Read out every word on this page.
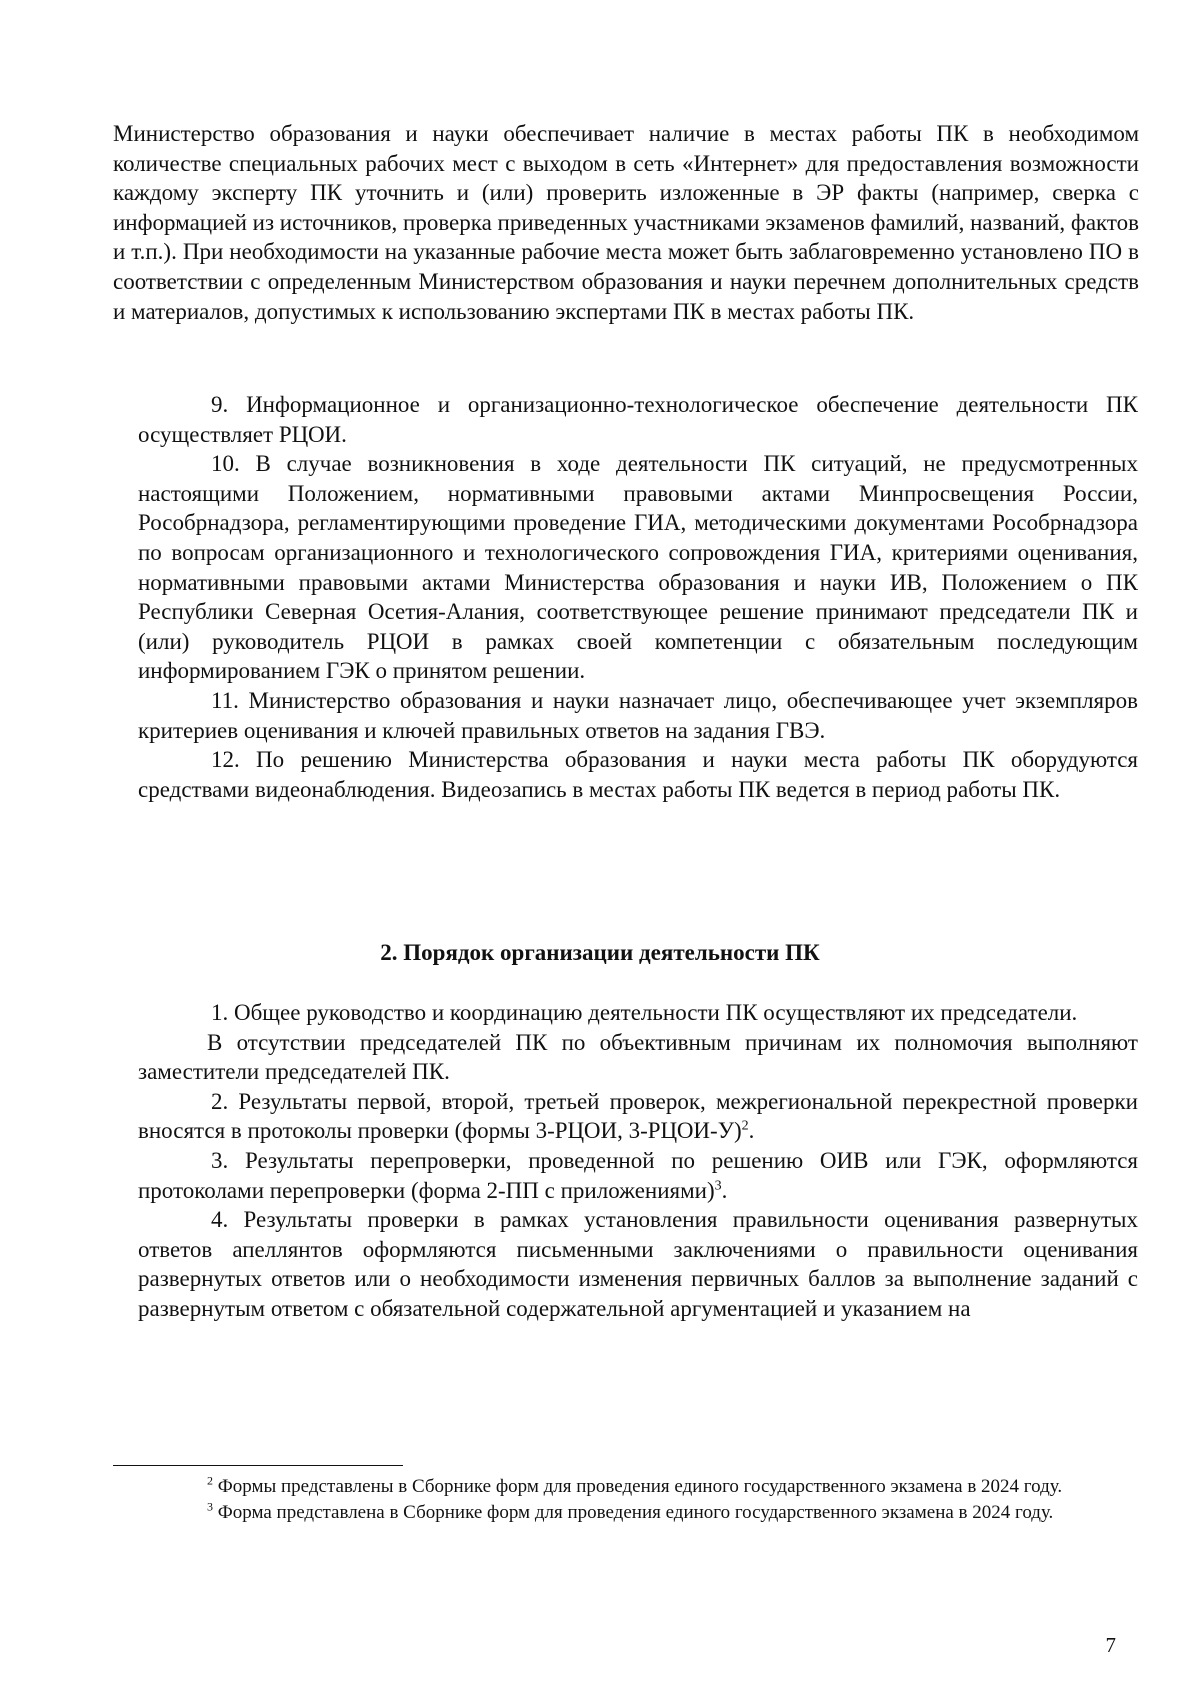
Министерство образования и науки обеспечивает наличие в местах работы ПК в необходимом количестве специальных рабочих мест с выходом в сеть «Интернет» для предоставления возможности каждому эксперту ПК уточнить и (или) проверить изложенные в ЭР факты (например, сверка с информацией из источников, проверка приведенных участниками экзаменов фамилий, названий, фактов и т.п.). При необходимости на указанные рабочие места может быть заблаговременно установлено ПО в соответствии с определенным Министерством образования и науки перечнем дополнительных средств и материалов, допустимых к использованию экспертами ПК в местах работы ПК.

9. Информационное и организационно-технологическое обеспечение деятельности ПК осуществляет РЦОИ.

10. В случае возникновения в ходе деятельности ПК ситуаций, не предусмотренных настоящими Положением, нормативными правовыми актами Минпросвещения России, Рособрнадзора, регламентирующими проведение ГИА, методическими документами Рособрнадзора по вопросам организационного и технологического сопровождения ГИА, критериями оценивания, нормативными правовыми актами Министерства образования и науки ИВ, Положением о ПК Республики Северная Осетия-Алания, соответствующее решение принимают председатели ПК и (или) руководитель РЦОИ в рамках своей компетенции с обязательным последующим информированием ГЭК о принятом решении.

11. Министерство образования и науки назначает лицо, обеспечивающее учет экземпляров критериев оценивания и ключей правильных ответов на задания ГВЭ.

12. По решению Министерства образования и науки места работы ПК оборудуются средствами видеонаблюдения. Видеозапись в местах работы ПК ведется в период работы ПК.

2. Порядок организации деятельности ПК

1. Общее руководство и координацию деятельности ПК осуществляют их председатели.

В отсутствии председателей ПК по объективным причинам их полномочия выполняют заместители председателей ПК.

2. Результаты первой, второй, третьей проверок, межрегиональной перекрестной проверки вносятся в протоколы проверки (формы 3-РЦОИ, 3-РЦОИ-У)$^2$.

3. Результаты перепроверки, проведенной по решению ОИВ или ГЭК, оформляются протоколами перепроверки (форма 2-ПП с приложениями)$^3$.

4. Результаты проверки в рамках установления правильности оценивания развернутых ответов апеллянтов оформляются письменными заключениями о правильности оценивания развернутых ответов или о необходимости изменения первичных баллов за выполнение заданий с развернутым ответом с обязательной содержательной аргументацией и указанием на

$^2$ Формы представлены в Сборнике форм для проведения единого государственного экзамена в 2024 году.

$^3$ Форма представлена в Сборнике форм для проведения единого государственного экзамена в 2024 году.

7
